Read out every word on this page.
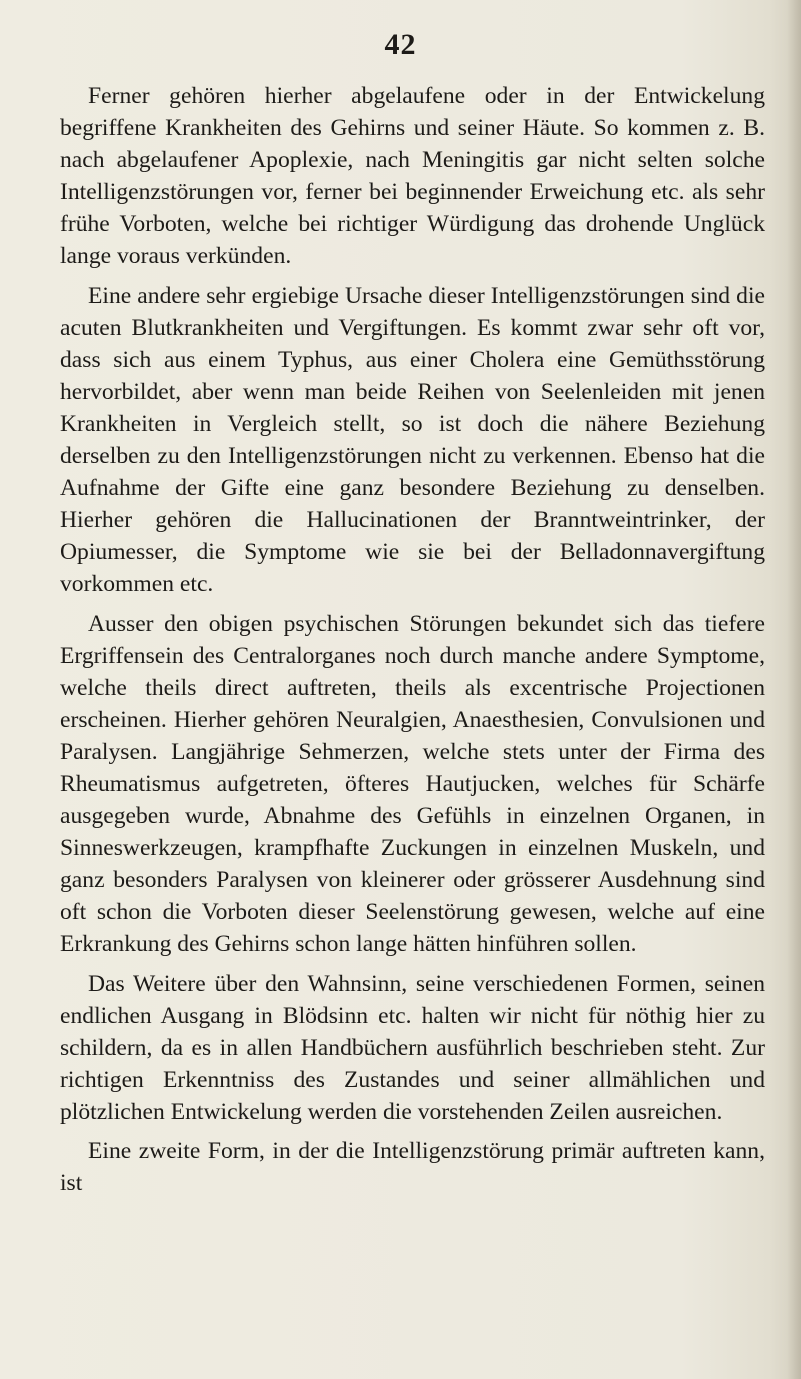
42

Ferner gehören hierher abgelaufene oder in der Entwickelung begriffene Krankheiten des Gehirns und seiner Häute. So kommen z. B. nach abgelaufener Apoplexie, nach Meningitis gar nicht selten solche Intelligenzstörungen vor, ferner bei beginnender Erweichung etc. als sehr frühe Vorboten, welche bei richtiger Würdigung das drohende Unglück lange voraus verkünden.

Eine andere sehr ergiebige Ursache dieser Intelligenzstörungen sind die acuten Blutkrankheiten und Vergiftungen. Es kommt zwar sehr oft vor, dass sich aus einem Typhus, aus einer Cholera eine Gemüthsstörung hervorbildet, aber wenn man beide Reihen von Seelenleiden mit jenen Krankheiten in Vergleich stellt, so ist doch die nähere Beziehung derselben zu den Intelligenzstörungen nicht zu verkennen. Ebenso hat die Aufnahme der Gifte eine ganz besondere Beziehung zu denselben. Hierher gehören die Hallucinationen der Branntweintrinker, der Opiumesser, die Symptome wie sie bei der Belladonnavergiftung vorkommen etc.

Ausser den obigen psychischen Störungen bekundet sich das tiefere Ergriffensein des Centralorganes noch durch manche andere Symptome, welche theils direct auftreten, theils als excentrische Projectionen erscheinen. Hierher gehören Neuralgien, Anaesthesien, Convulsionen und Paralysen. Langjährige Sehmerzen, welche stets unter der Firma des Rheumatismus aufgetreten, öfteres Hautjucken, welches für Schärfe ausgegeben wurde, Abnahme des Gefühls in einzelnen Organen, in Sinneswerkzeugen, krampfhafte Zuckungen in einzelnen Muskeln, und ganz besonders Paralysen von kleinerer oder grösserer Ausdehnung sind oft schon die Vorboten dieser Seelenstörung gewesen, welche auf eine Erkrankung des Gehirns schon lange hätten hinführen sollen.

Das Weitere über den Wahnsinn, seine verschiedenen Formen, seinen endlichen Ausgang in Blödsinn etc. halten wir nicht für nöthig hier zu schildern, da es in allen Handbüchern ausführlich beschrieben steht. Zur richtigen Erkenntniss des Zustandes und seiner allmählichen und plötzlichen Entwickelung werden die vorstehenden Zeilen ausreichen.

Eine zweite Form, in der die Intelligenzstörung primär auftreten kann, ist
